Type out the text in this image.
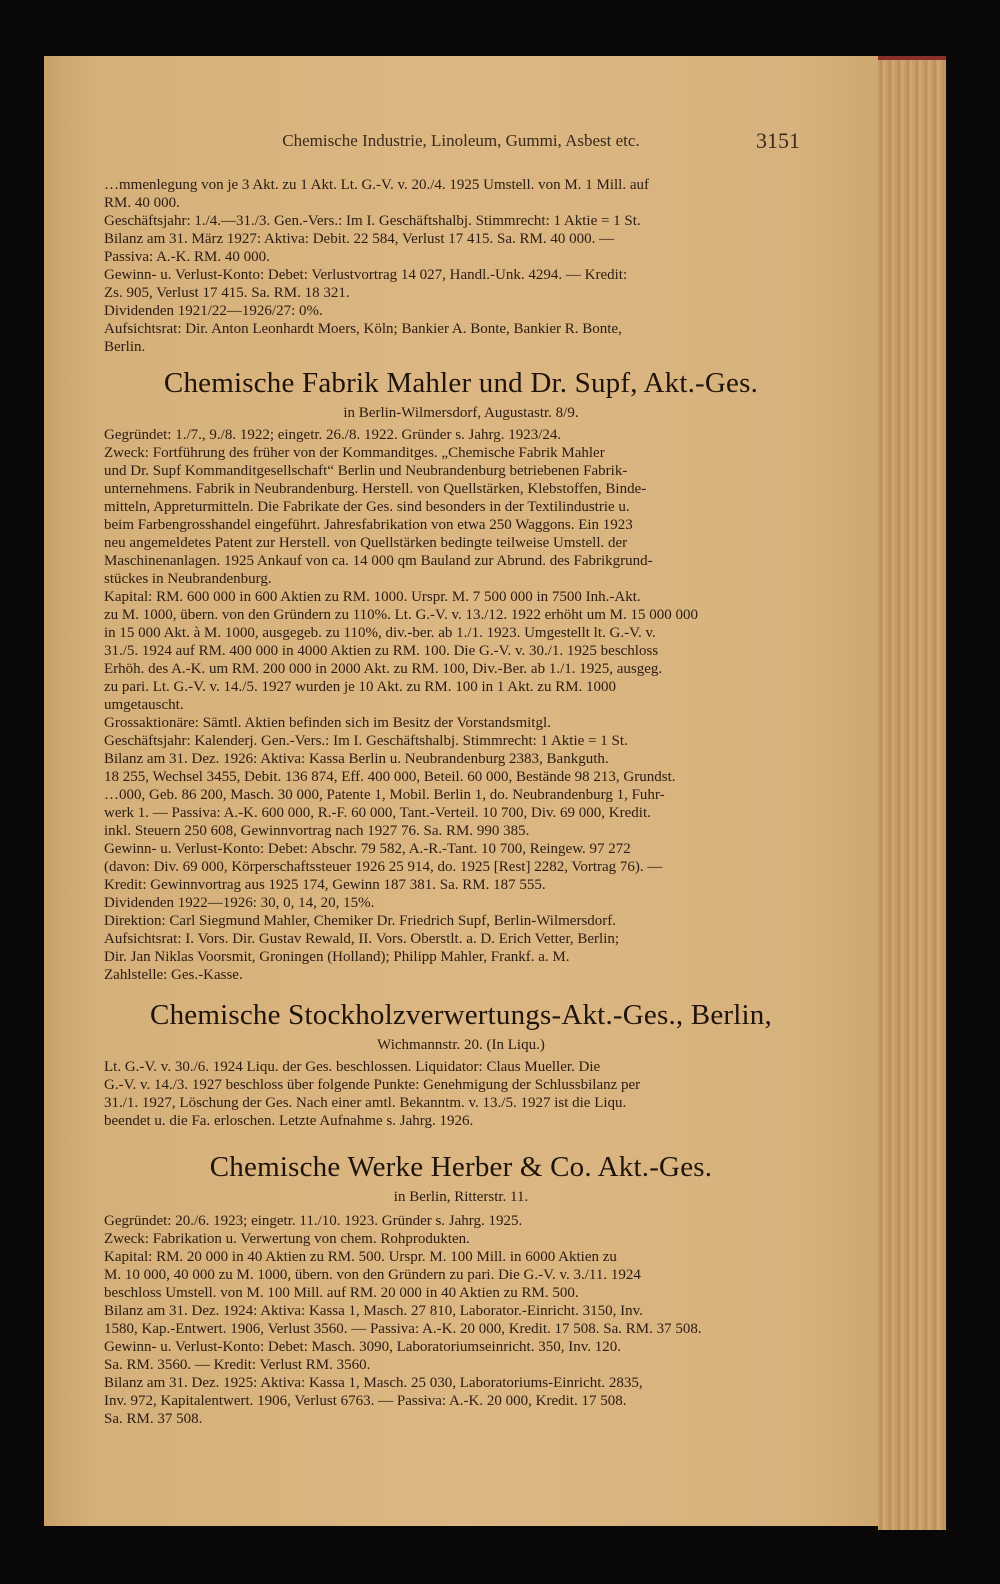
Chemische Industrie, Linoleum, Gummi, Asbest etc.	3151
…mmenlegung von je 3 Akt. zu 1 Akt. Lt. G.-V. v. 20./4. 1925 Umstell. von M. 1 Mill. auf
RM. 40 000.
Geschäftsjahr: 1./4.—31./3. Gen.-Vers.: Im I. Geschäftshalbj. Stimmrecht: 1 Aktie = 1 St.
Bilanz am 31. März 1927: Aktiva: Debit. 22 584, Verlust 17 415. Sa. RM. 40 000. —
Passiva: A.-K. RM. 40 000.
Gewinn- u. Verlust-Konto: Debet: Verlustvortrag 14 027, Handl.-Unk. 4294. — Kredit:
Zs. 905, Verlust 17 415. Sa. RM. 18 321.
Dividenden 1921/22—1926/27: 0%.
Aufsichtsrat: Dir. Anton Leonhardt Moers, Köln; Bankier A. Bonte, Bankier R. Bonte,
Berlin.
Chemische Fabrik Mahler und Dr. Supf, Akt.-Ges.
in Berlin-Wilmersdorf, Augustastr. 8/9.
Gegründet: 1./7., 9./8. 1922; eingetr. 26./8. 1922. Gründer s. Jahrg. 1923/24.
Zweck: Fortführung des früher von der Kommanditges. „Chemische Fabrik Mahler
und Dr. Supf Kommanditgesellschaft“ Berlin und Neubrandenburg betriebenen Fabrik-
unternehmens. Fabrik in Neubrandenburg. Herstell. von Quellstärken, Klebstoffen, Binde-
mitteln, Appreturmitteln. Die Fabrikate der Ges. sind besonders in der Textilindustrie u.
beim Farbengrosshandel eingeführt. Jahresfabrikation von etwa 250 Waggons. Ein 1923
neu angemeldetes Patent zur Herstell. von Quellstärken bedingte teilweise Umstell. der
Maschinenanlagen. 1925 Ankauf von ca. 14 000 qm Bauland zur Abrund. des Fabrikgrund-
stückes in Neubrandenburg.
Kapital: RM. 600 000 in 600 Aktien zu RM. 1000. Urspr. M. 7 500 000 in 7500 Inh.-Akt.
zu M. 1000, übern. von den Gründern zu 110%. Lt. G.-V. v. 13./12. 1922 erhöht um M. 15 000 000
in 15 000 Akt. à M. 1000, ausgegeb. zu 110%, div.-ber. ab 1./1. 1923. Umgestellt lt. G.-V. v.
31./5. 1924 auf RM. 400 000 in 4000 Aktien zu RM. 100. Die G.-V. v. 30./1. 1925 beschloss
Erhöh. des A.-K. um RM. 200 000 in 2000 Akt. zu RM. 100, Div.-Ber. ab 1./1. 1925, ausgeg.
zu pari. Lt. G.-V. v. 14./5. 1927 wurden je 10 Akt. zu RM. 100 in 1 Akt. zu RM. 1000
umgetauscht.
Grossaktionäre: Sämtl. Aktien befinden sich im Besitz der Vorstandsmitgl.
Geschäftsjahr: Kalenderj. Gen.-Vers.: Im I. Geschäftshalbj. Stimmrecht: 1 Aktie = 1 St.
Bilanz am 31. Dez. 1926: Aktiva: Kassa Berlin u. Neubrandenburg 2383, Bankguth.
18 255, Wechsel 3455, Debit. 136 874, Eff. 400 000, Beteil. 60 000, Bestände 98 213, Grundst.
…000, Geb. 86 200, Masch. 30 000, Patente 1, Mobil. Berlin 1, do. Neubrandenburg 1, Fuhr-
werk 1. — Passiva: A.-K. 600 000, R.-F. 60 000, Tant.-Verteil. 10 700, Div. 69 000, Kredit.
inkl. Steuern 250 608, Gewinnvortrag nach 1927 76. Sa. RM. 990 385.
Gewinn- u. Verlust-Konto: Debet: Abschr. 79 582, A.-R.-Tant. 10 700, Reingew. 97 272
(davon: Div. 69 000, Körperschaftssteuer 1926 25 914, do. 1925 [Rest] 2282, Vortrag 76). —
Kredit: Gewinnvortrag aus 1925 174, Gewinn 187 381. Sa. RM. 187 555.
Dividenden 1922—1926: 30, 0, 14, 20, 15%.
Direktion: Carl Siegmund Mahler, Chemiker Dr. Friedrich Supf, Berlin-Wilmersdorf.
Aufsichtsrat: I. Vors. Dir. Gustav Rewald, II. Vors. Oberstlt. a. D. Erich Vetter, Berlin;
Dir. Jan Niklas Voorsmit, Groningen (Holland); Philipp Mahler, Frankf. a. M.
Zahlstelle: Ges.-Kasse.
Chemische Stockholzverwertungs-Akt.-Ges., Berlin,
Wichmannstr. 20. (In Liqu.)
Lt. G.-V. v. 30./6. 1924 Liqu. der Ges. beschlossen. Liquidator: Claus Mueller. Die
G.-V. v. 14./3. 1927 beschloss über folgende Punkte: Genehmigung der Schlussbilanz per
31./1. 1927, Löschung der Ges. Nach einer amtl. Bekanntm. v. 13./5. 1927 ist die Liqu.
beendet u. die Fa. erloschen. Letzte Aufnahme s. Jahrg. 1926.
Chemische Werke Herber & Co. Akt.-Ges.
in Berlin, Ritterstr. 11.
Gegründet: 20./6. 1923; eingetr. 11./10. 1923. Gründer s. Jahrg. 1925.
Zweck: Fabrikation u. Verwertung von chem. Rohprodukten.
Kapital: RM. 20 000 in 40 Aktien zu RM. 500. Urspr. M. 100 Mill. in 6000 Aktien zu
M. 10 000, 40 000 zu M. 1000, übern. von den Gründern zu pari. Die G.-V. v. 3./11. 1924
beschloss Umstell. von M. 100 Mill. auf RM. 20 000 in 40 Aktien zu RM. 500.
Bilanz am 31. Dez. 1924: Aktiva: Kassa 1, Masch. 27 810, Laborator.-Einricht. 3150, Inv.
1580, Kap.-Entwert. 1906, Verlust 3560. — Passiva: A.-K. 20 000, Kredit. 17 508. Sa. RM. 37 508.
Gewinn- u. Verlust-Konto: Debet: Masch. 3090, Laboratoriumseinricht. 350, Inv. 120.
Sa. RM. 3560. — Kredit: Verlust RM. 3560.
Bilanz am 31. Dez. 1925: Aktiva: Kassa 1, Masch. 25 030, Laboratoriums-Einricht. 2835,
Inv. 972, Kapitalentwert. 1906, Verlust 6763. — Passiva: A.-K. 20 000, Kredit. 17 508.
Sa. RM. 37 508.
